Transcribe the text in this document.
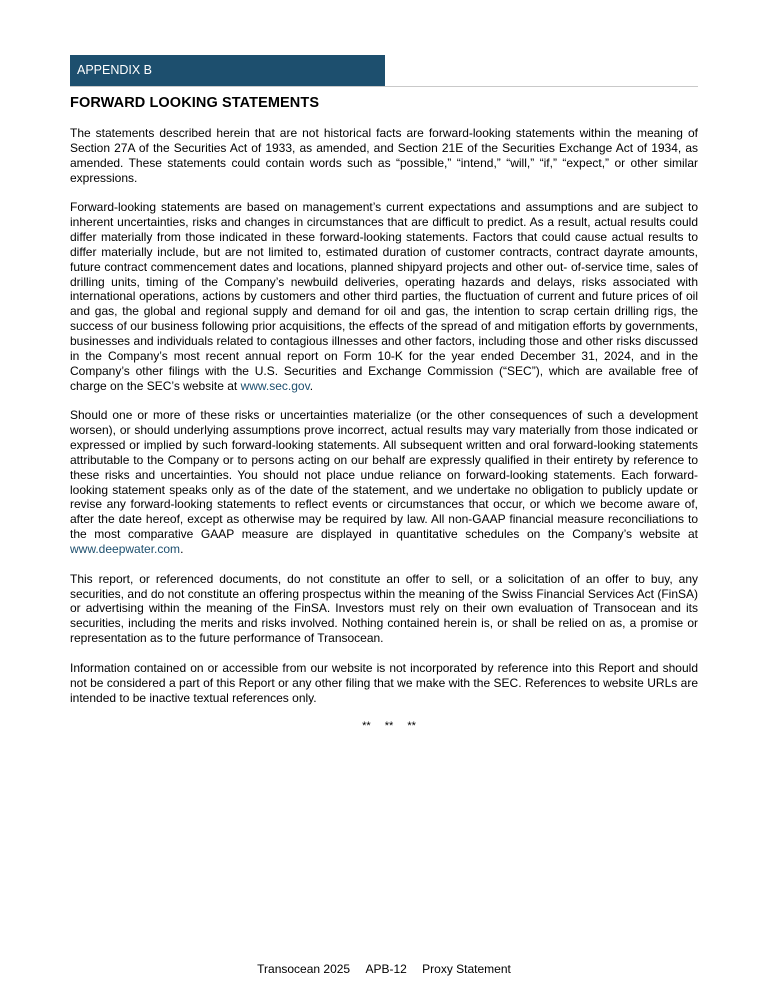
APPENDIX B
FORWARD LOOKING STATEMENTS

The statements described herein that are not historical facts are forward-looking statements within the meaning of Section 27A of the Securities Act of 1933, as amended, and Section 21E of the Securities Exchange Act of 1934, as amended. These statements could contain words such as “possible,” “intend,” “will,” “if,” “expect,” or other similar expressions.

Forward-looking statements are based on management’s current expectations and assumptions and are subject to inherent uncertainties, risks and changes in circumstances that are difficult to predict. As a result, actual results could differ materially from those indicated in these forward-looking statements. Factors that could cause actual results to differ materially include, but are not limited to, estimated duration of customer contracts, contract dayrate amounts, future contract commencement dates and locations, planned shipyard projects and other out- of-service time, sales of drilling units, timing of the Company’s newbuild deliveries, operating hazards and delays, risks associated with international operations, actions by customers and other third parties, the fluctuation of current and future prices of oil and gas, the global and regional supply and demand for oil and gas, the intention to scrap certain drilling rigs, the success of our business following prior acquisitions, the effects of the spread of and mitigation efforts by governments, businesses and individuals related to contagious illnesses and other factors, including those and other risks discussed in the Company’s most recent annual report on Form 10-K for the year ended December 31, 2024, and in the Company’s other filings with the U.S. Securities and Exchange Commission (“SEC”), which are available free of charge on the SEC’s website at www.sec.gov.

Should one or more of these risks or uncertainties materialize (or the other consequences of such a development worsen), or should underlying assumptions prove incorrect, actual results may vary materially from those indicated or expressed or implied by such forward-looking statements. All subsequent written and oral forward-looking statements attributable to the Company or to persons acting on our behalf are expressly qualified in their entirety by reference to these risks and uncertainties. You should not place undue reliance on forward-looking statements. Each forward-looking statement speaks only as of the date of the statement, and we undertake no obligation to publicly update or revise any forward-looking statements to reflect events or circumstances that occur, or which we become aware of, after the date hereof, except as otherwise may be required by law. All non-GAAP financial measure reconciliations to the most comparative GAAP measure are displayed in quantitative schedules on the Company’s website at www.deepwater.com.

This report, or referenced documents, do not constitute an offer to sell, or a solicitation of an offer to buy, any securities, and do not constitute an offering prospectus within the meaning of the Swiss Financial Services Act (FinSA) or advertising within the meaning of the FinSA. Investors must rely on their own evaluation of Transocean and its securities, including the merits and risks involved. Nothing contained herein is, or shall be relied on as, a promise or representation as to the future performance of Transocean.

Information contained on or accessible from our website is not incorporated by reference into this Report and should not be considered a part of this Report or any other filing that we make with the SEC. References to website URLs are intended to be inactive textual references only.

** ** **
Transocean 2025 APB-12 Proxy Statement
